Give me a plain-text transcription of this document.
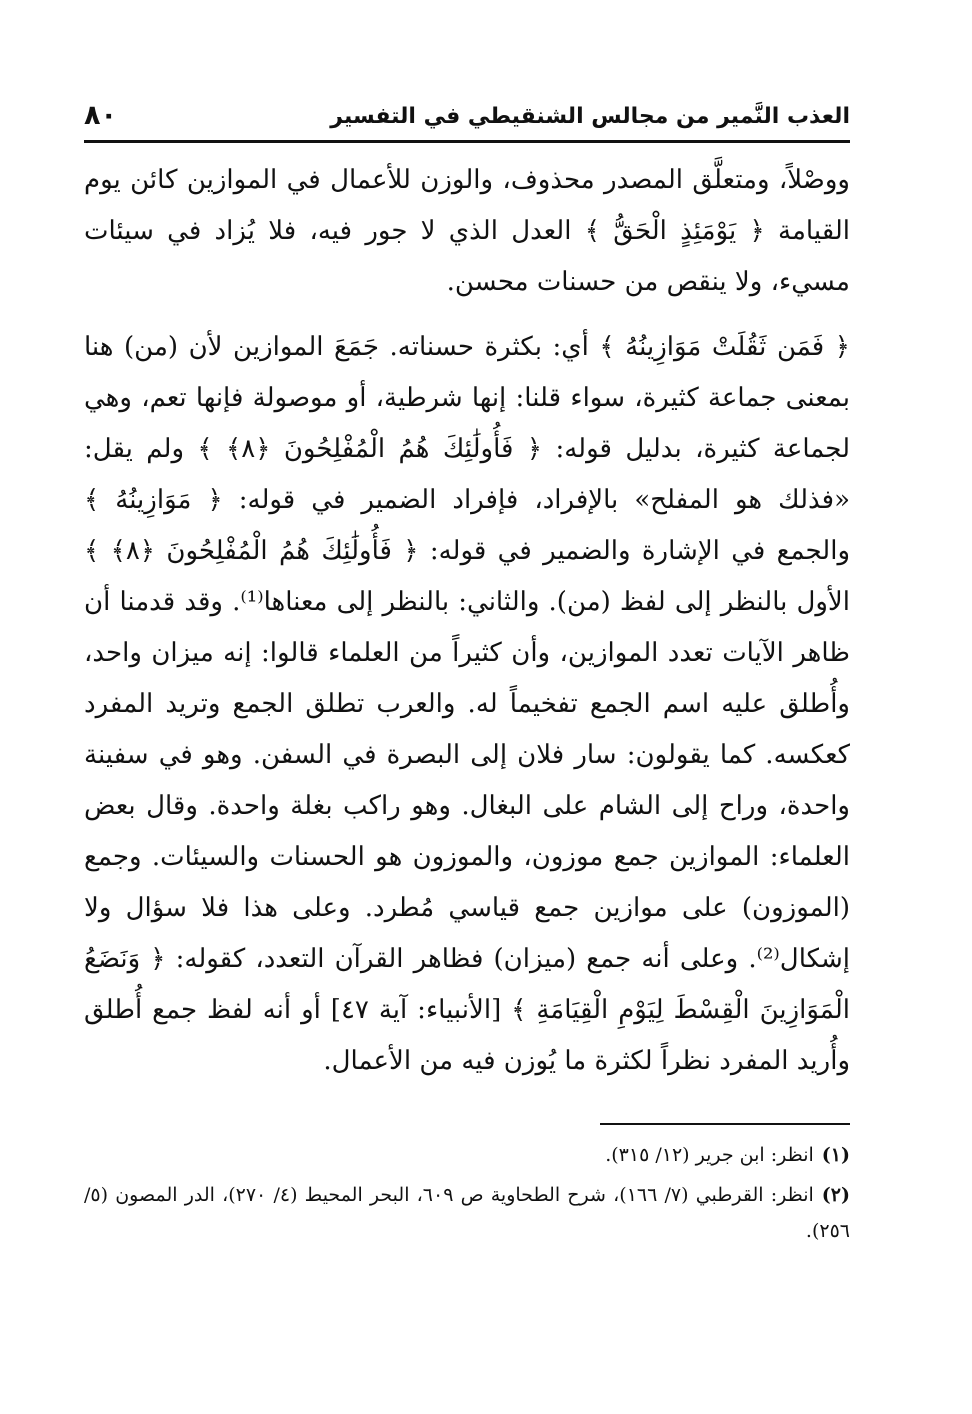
العذب النَّمير من مجالس الشنقيطي في التفسير
٨٠

ووصْلاً، ومتعلَّق المصدر محذوف، والوزن للأعمال في الموازين كائن يوم القيامة ﴿ يَوْمَئِذٍ الْحَقُّ ﴾ العدل الذي لا جور فيه، فلا يُزاد في سيئات مسيء، ولا ينقص من حسنات محسن.

﴿ فَمَن ثَقُلَتْ مَوَازِينُهُ ﴾ أي: بكثرة حسناته. جَمَعَ الموازين لأن (من) هنا بمعنى جماعة كثيرة، سواء قلنا: إنها شرطية، أو موصولة فإنها تعم، وهي لجماعة كثيرة، بدليل قوله: ﴿ فَأُولَٰئِكَ هُمُ الْمُفْلِحُونَ ﴿٨﴾ ﴾ ولم يقل: «فذلك هو المفلح» بالإفراد، فإفراد الضمير في قوله: ﴿ مَوَازِينُهُ ﴾ والجمع في الإشارة والضمير في قوله: ﴿ فَأُولَٰئِكَ هُمُ الْمُفْلِحُونَ ﴿٨﴾ ﴾ الأول بالنظر إلى لفظ (من). والثاني: بالنظر إلى معناها⁽¹⁾. وقد قدمنا أن ظاهر الآيات تعدد الموازين، وأن كثيراً من العلماء قالوا: إنه ميزان واحد، وأُطلق عليه اسم الجمع تفخيماً له. والعرب تطلق الجمع وتريد المفرد كعكسه. كما يقولون: سار فلان إلى البصرة في السفن. وهو في سفينة واحدة، وراح إلى الشام على البغال. وهو راكب بغلة واحدة. وقال بعض العلماء: الموازين جمع موزون، والموزون هو الحسنات والسيئات. وجمع (الموزون) على موازين جمع قياسي مُطرد. وعلى هذا فلا سؤال ولا إشكال⁽²⁾. وعلى أنه جمع (ميزان) فظاهر القرآن التعدد، كقوله: ﴿ وَنَضَعُ الْمَوَازِينَ الْقِسْطَ لِيَوْمِ الْقِيَامَةِ ﴾ [الأنبياء: آية ٤٧] أو أنه لفظ جمع أُطلق وأُريد المفرد نظراً لكثرة ما يُوزن فيه من الأعمال.

(١)انظر: ابن جرير (١٢/ ٣١٥).
(٢)انظر: القرطبي (٧/ ١٦٦)، شرح الطحاوية ص ٦٠٩، البحر المحيط (٤/ ٢٧٠)، الدر المصون (٥/ ٢٥٦).
